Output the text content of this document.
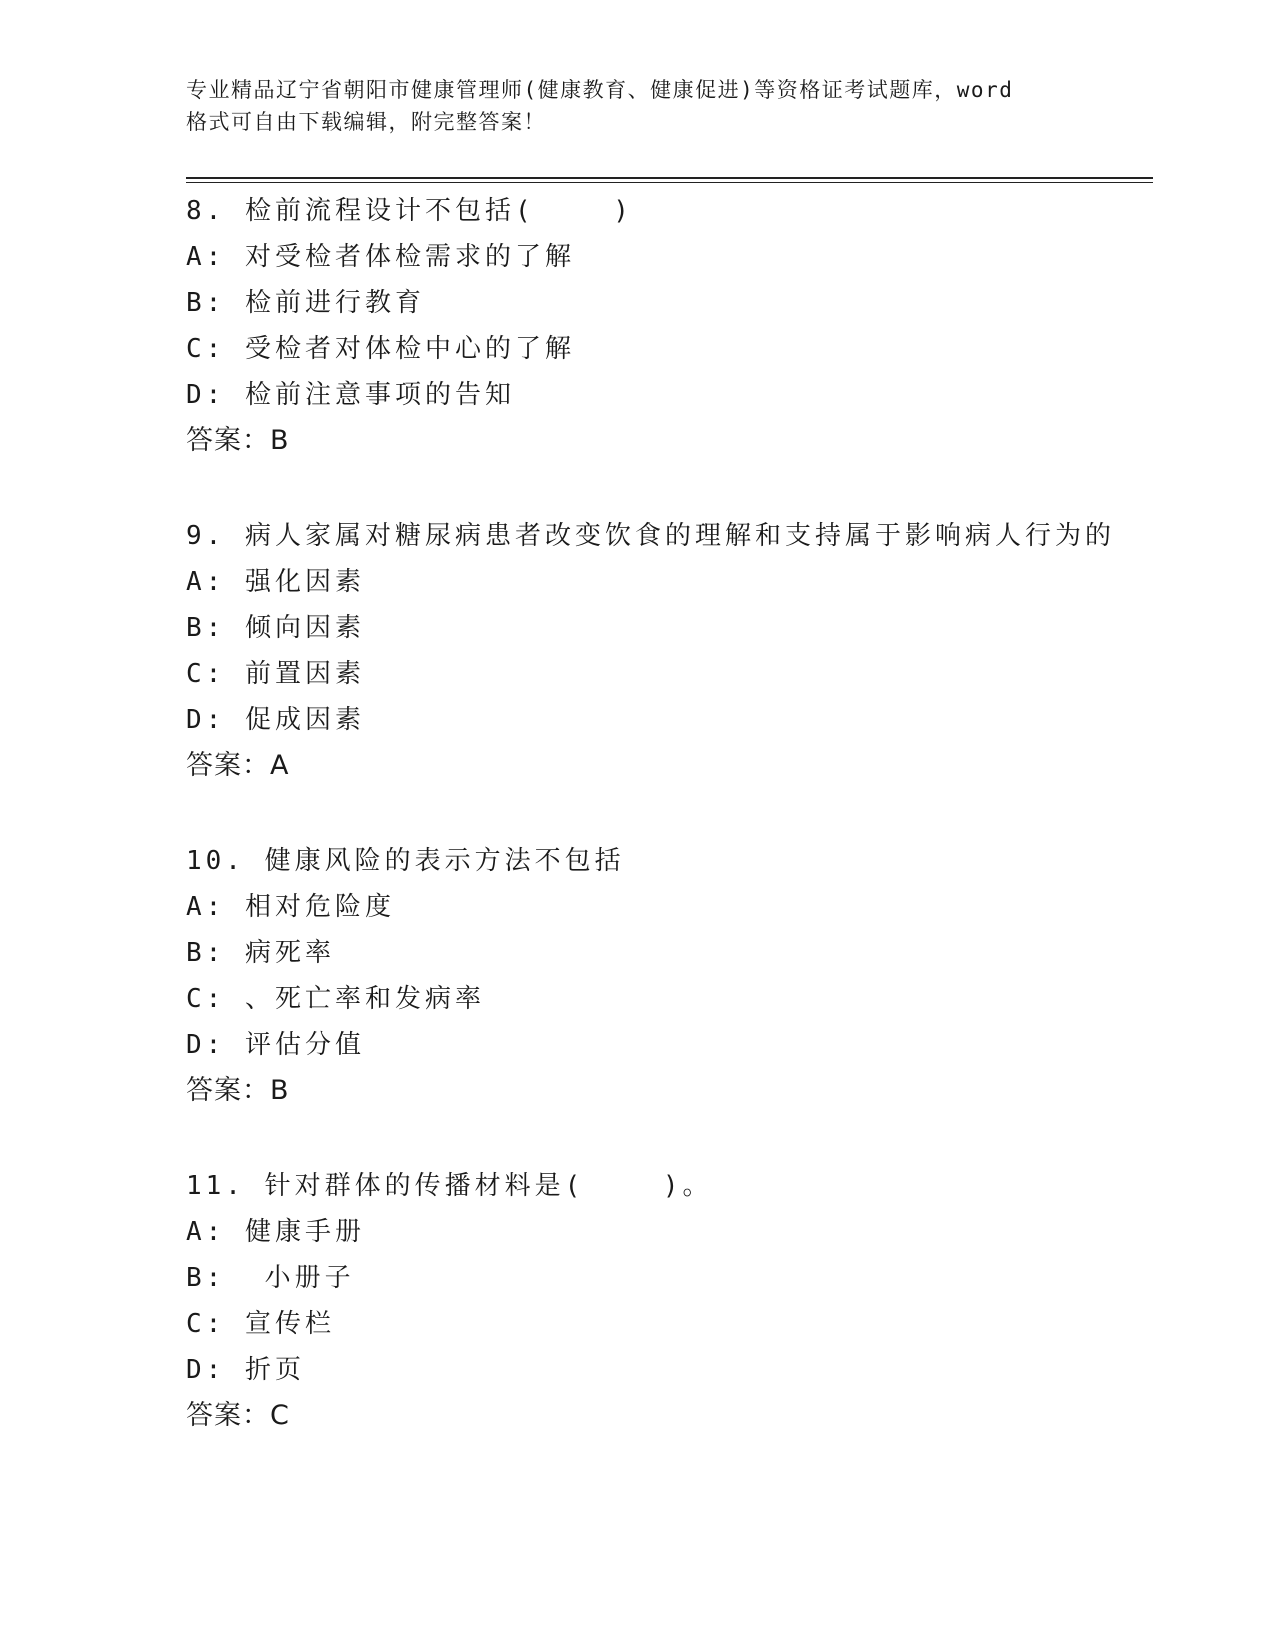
专业精品辽宁省朝阳市健康管理师(健康教育、健康促进)等资格证考试题库，word
格式可自由下载编辑，附完整答案！
8. 检前流程设计不包括(    )
A: 对受检者体检需求的了解
B: 检前进行教育
C: 受检者对体检中心的了解
D: 检前注意事项的告知
答案：B
9. 病人家属对糖尿病患者改变饮食的理解和支持属于影响病人行为的
A: 强化因素
B: 倾向因素
C: 前置因素
D: 促成因素
答案：A
10. 健康风险的表示方法不包括
A: 相对危险度
B: 病死率
C: 、死亡率和发病率
D: 评估分值
答案：B
11. 针对群体的传播材料是(    )。
A: 健康手册
B:  小册子
C: 宣传栏
D: 折页
答案：C
